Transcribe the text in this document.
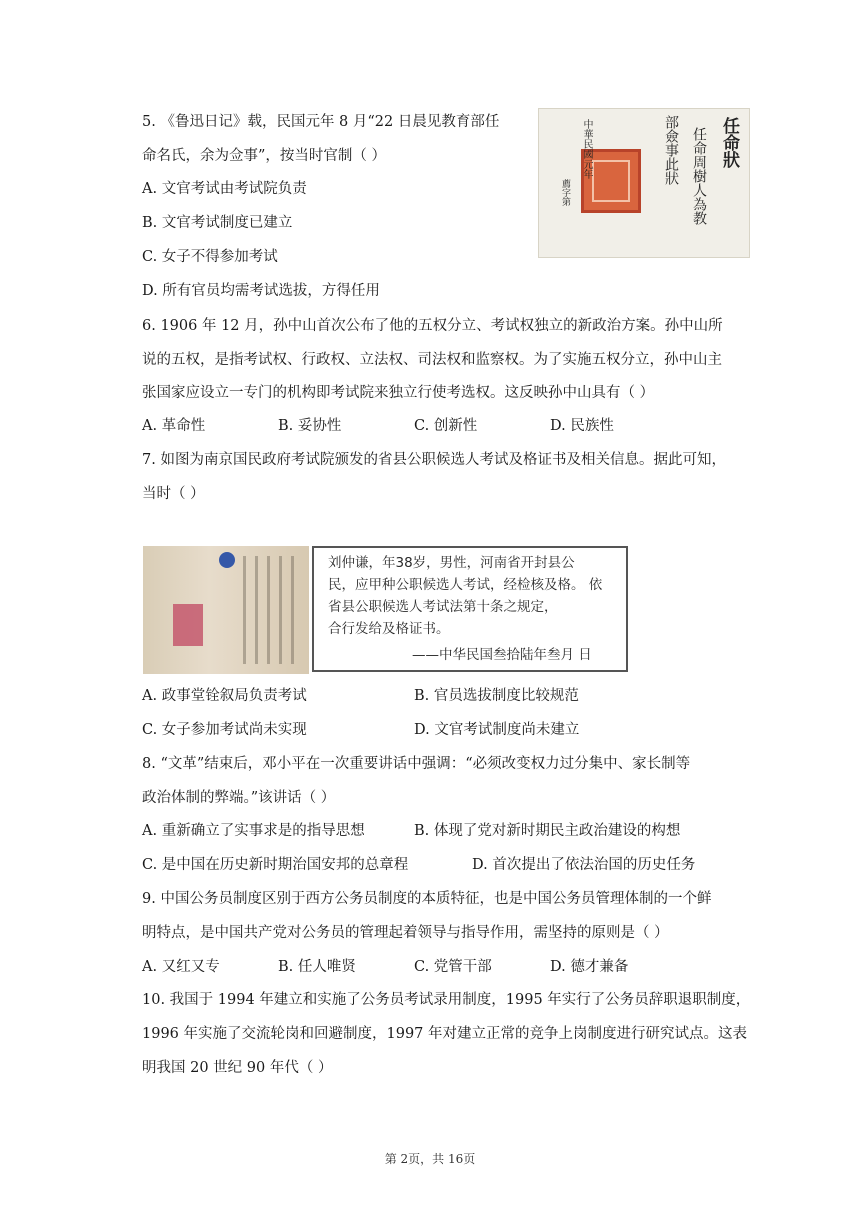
5. 《鲁迅日记》载，民国元年 8 月“22 日晨见教育部任
命名氏，余为佥事”，按当时官制（ ）
A. 文官考试由考试院负责
B. 文官考试制度已建立
C. 女子不得参加考试
D. 所有官员均需考试选拔，方得任用
任命狀
任命周樹人為教
部僉事此狀
中華民國元年
薦字第
6. 1906 年 12 月，孙中山首次公布了他的五权分立、考试权独立的新政治方案。孙中山所
说的五权，是指考试权、行政权、立法权、司法权和监察权。为了实施五权分立，孙中山主
张国家应设立一专门的机构即考试院来独立行使考选权。这反映孙中山具有（ ）
A. 革命性	B. 妥协性	C. 创新性	D. 民族性
7. 如图为南京国民政府考试院颁发的省县公职候选人考试及格证书及相关信息。据此可知，
当时（ ）
刘仲谦，年38岁，男性，河南省开封县公
民，应甲种公职候选人考试，经检核及格。 依
省县公职候选人考试法第十条之规定，
合行发给及格证书。
——中华民国叁拾陆年叁月 日
A. 政事堂铨叙局负责考试	B. 官员选拔制度比较规范
C. 女子参加考试尚未实现	D. 文官考试制度尚未建立
8. “文革”结束后，邓小平在一次重要讲话中强调：“必须改变权力过分集中、家长制等
政治体制的弊端。”该讲话（ ）
A. 重新确立了实事求是的指导思想	B. 体现了党对新时期民主政治建设的构想
C. 是中国在历史新时期治国安邦的总章程	D. 首次提出了依法治国的历史任务
9. 中国公务员制度区别于西方公务员制度的本质特征，也是中国公务员管理体制的一个鲜
明特点，是中国共产党对公务员的管理起着领导与指导作用，需坚持的原则是（ ）
A. 又红又专	B. 任人唯贤	C. 党管干部	D. 德才兼备
10. 我国于 1994 年建立和实施了公务员考试录用制度，1995 年实行了公务员辞职退职制度，
1996 年实施了交流轮岗和回避制度，1997 年对建立正常的竞争上岗制度进行研究试点。这表
明我国 20 世纪 90 年代（ ）
第 2页，共 16页
